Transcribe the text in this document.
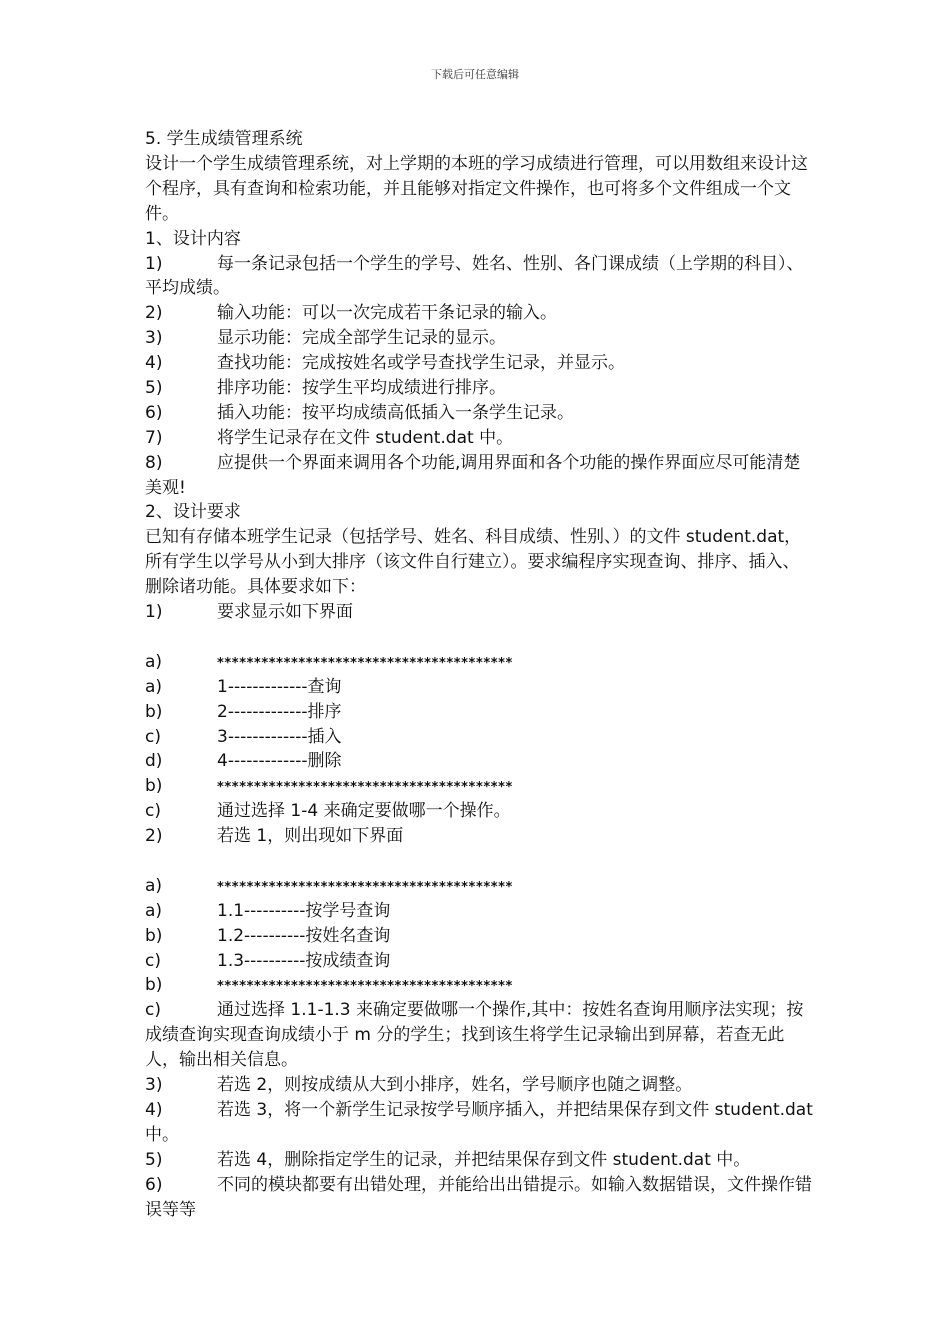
下载后可任意编辑
5. 学生成绩管理系统
设计一个学生成绩管理系统，对上学期的本班的学习成绩进行管理，可以用数组来设计这个程序，具有查询和检索功能，并且能够对指定文件操作，也可将多个文件组成一个文件。
1、设计内容
1)	每一条记录包括一个学生的学号、姓名、性别、各门课成绩（上学期的科目）、平均成绩。
2)	输入功能：可以一次完成若干条记录的输入。
3)	显示功能：完成全部学生记录的显示。
4)	查找功能：完成按姓名或学号查找学生记录，并显示。
5)	排序功能：按学生平均成绩进行排序。
6)	插入功能：按平均成绩高低插入一条学生记录。
7)	将学生记录存在文件 student.dat 中。
8)	应提供一个界面来调用各个功能,调用界面和各个功能的操作界面应尽可能清楚美观!
2、设计要求
已知有存储本班学生记录（包括学号、姓名、科目成绩、性别、）的文件 student.dat，所有学生以学号从小到大排序（该文件自行建立）。要求编程序实现查询、排序、插入、删除诸功能。具体要求如下：
1)	要求显示如下界面
a)	****************************************
a)	1-------------查询
b)	2-------------排序
c)	3-------------插入
d)	4-------------删除
b)	****************************************
c)	通过选择 1-4 来确定要做哪一个操作。
2)	若选 1，则出现如下界面
a)	****************************************
a)	1.1----------按学号查询
b)	1.2----------按姓名查询
c)	1.3----------按成绩查询
b)	****************************************
c)	通过选择 1.1-1.3 来确定要做哪一个操作,其中：按姓名查询用顺序法实现；按成绩查询实现查询成绩小于 m 分的学生；找到该生将学生记录输出到屏幕，若查无此人，输出相关信息。
3)	若选 2，则按成绩从大到小排序，姓名，学号顺序也随之调整。
4)	若选 3，将一个新学生记录按学号顺序插入，并把结果保存到文件 student.dat 中。
5)	若选 4，删除指定学生的记录，并把结果保存到文件 student.dat 中。
6)	不同的模块都要有出错处理，并能给出出错提示。如输入数据错误，文件操作错误等等
